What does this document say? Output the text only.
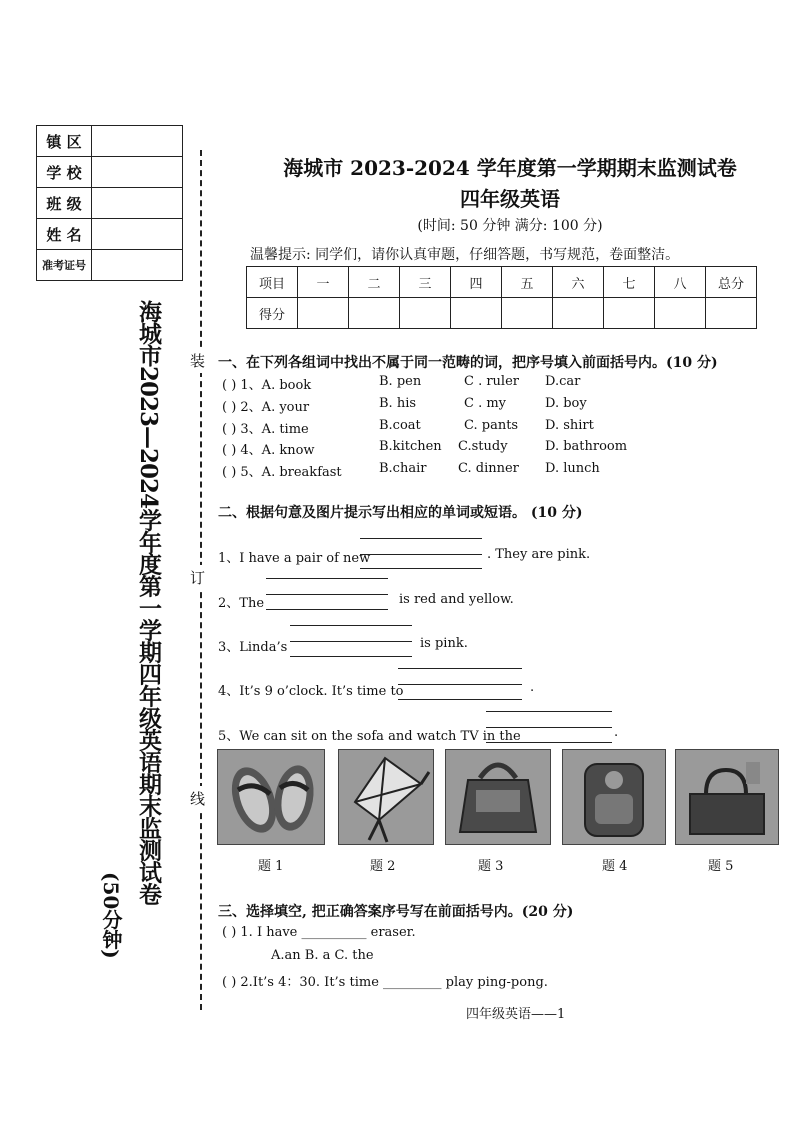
镇 区	
学 校	
班 级	
姓 名	
准考证号	
海城市2023—2024学年度第一学期四年级英语期末监测试卷
(50分钟)
装
订
线
海城市 2023-2024 学年度第一学期期末监测试卷
四年级英语
(时间: 50 分钟 满分: 100 分)
温馨提示: 同学们，请你认真审题，仔细答题，书写规范，卷面整洁。
项目	一	二	三	四	五	六	七	八	总分
得分									
一、在下列各组词中找出不属于同一范畴的词，把序号填入前面括号内。(10 分)
( ) 1、A. book	B. pen	C . ruler D.car
( ) 2、A. your	B. his	C . my	D. boy
( ) 3、A. time	B.coat	C. pants D. shirt
( ) 4、A. know	B.kitchen C.study	D. bathroom
( ) 5、A. breakfast	B.chair C. dinner D. lunch
二、根据句意及图片提示写出相应的单词或短语。 (10 分)
1、I have a pair of new	. They are pink.
2、The	is red and yellow.
3、Linda’s	is pink.
4、It’s 9 o’clock. It’s time to	.
5、We can sit on the sofa and watch TV in the	.
题 1	题 2	题 3	题 4	题 5
三、选择填空, 把正确答案序号写在前面括号内。(20 分)
( ) 1. I have __________ eraser.
A.an B. a C. the
( ) 2.It’s 4：30. It’s time _________ play ping-pong.
四年级英语——1
